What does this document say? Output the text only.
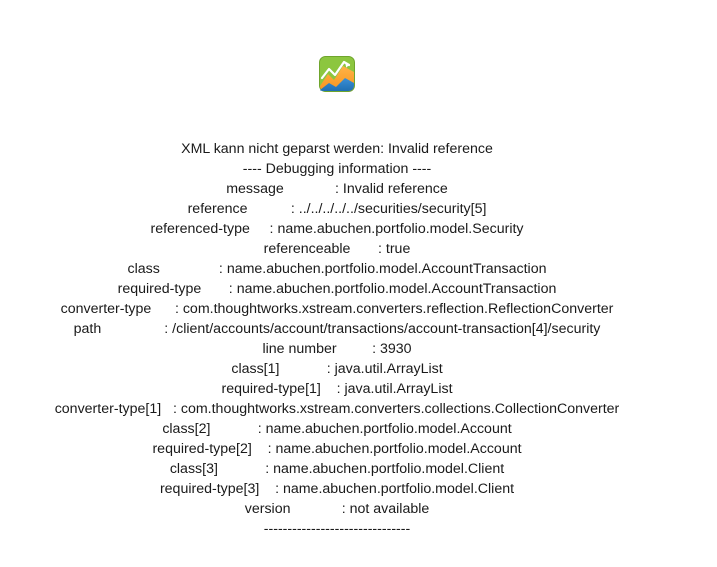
XML kann nicht geparst werden: Invalid reference
---- Debugging information ----
message             : Invalid reference
reference           : ../../../../../securities/security[5]
referenced-type     : name.abuchen.portfolio.model.Security
referenceable       : true
class               : name.abuchen.portfolio.model.AccountTransaction
required-type       : name.abuchen.portfolio.model.AccountTransaction
converter-type      : com.thoughtworks.xstream.converters.reflection.ReflectionConverter
path                : /client/accounts/account/transactions/account-transaction[4]/security
line number         : 3930
class[1]            : java.util.ArrayList
required-type[1]    : java.util.ArrayList
converter-type[1]   : com.thoughtworks.xstream.converters.collections.CollectionConverter
class[2]            : name.abuchen.portfolio.model.Account
required-type[2]    : name.abuchen.portfolio.model.Account
class[3]            : name.abuchen.portfolio.model.Client
required-type[3]    : name.abuchen.portfolio.model.Client
version             : not available
-------------------------------
